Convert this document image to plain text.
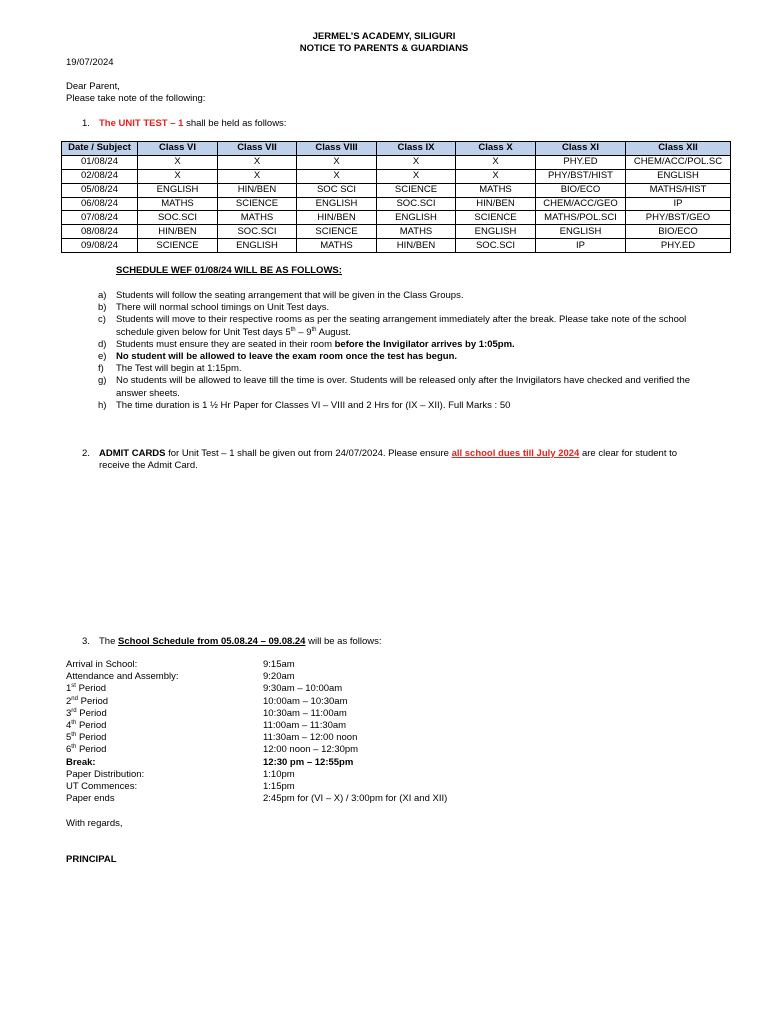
JERMEL’S ACADEMY, SILIGURI
NOTICE TO PARENTS & GUARDIANS
19/07/2024
Dear Parent,
Please take note of the following:
1. The UNIT TEST – 1 shall be held as follows:
Date / Subject	Class VI	Class VII	Class VIII	Class IX	Class X	Class XI	Class XII
01/08/24	X	X	X	X	X	PHY.ED	CHEM/ACC/POL.SC
02/08/24	X	X	X	X	X	PHY/BST/HIST	ENGLISH
05/08/24	ENGLISH	HIN/BEN	SOC SCI	SCIENCE	MATHS	BIO/ECO	MATHS/HIST
06/08/24	MATHS	SCIENCE	ENGLISH	SOC.SCI	HIN/BEN	CHEM/ACC/GEO	IP
07/08/24	SOC.SCI	MATHS	HIN/BEN	ENGLISH	SCIENCE	MATHS/POL.SCI	PHY/BST/GEO
08/08/24	HIN/BEN	SOC.SCI	SCIENCE	MATHS	ENGLISH	ENGLISH	BIO/ECO
09/08/24	SCIENCE	ENGLISH	MATHS	HIN/BEN	SOC.SCI	IP	PHY.ED
SCHEDULE WEF 01/08/24 WILL BE AS FOLLOWS:
a) Students will follow the seating arrangement that will be given in the Class Groups.
b) There will normal school timings on Unit Test days.
c) Students will move to their respective rooms as per the seating arrangement immediately after the break. Please take note of the school
schedule given below for Unit Test days 5th – 9th August.
d) Students must ensure they are seated in their room before the Invigilator arrives by 1:05pm.
e) No student will be allowed to leave the exam room once the test has begun.
f) The Test will begin at 1:15pm.
g) No students will be allowed to leave till the time is over. Students will be released only after the Invigilators have checked and verified the
answer sheets.
h) The time duration is 1 ½ Hr Paper for Classes VI – VIII and 2 Hrs for (IX – XII). Full Marks : 50
2. ADMIT CARDS for Unit Test – 1 shall be given out from 24/07/2024. Please ensure all school dues till July 2024 are clear for student to
receive the Admit Card.
3. The School Schedule from 05.08.24 – 09.08.24 will be as follows:
Arrival in School:	9:15am
Attendance and Assembly:	9:20am
1st Period	9:30am – 10:00am
2nd Period	10:00am – 10:30am
3rd Period	10:30am – 11:00am
4th Period	11:00am – 11:30am
5th Period	11:30am – 12:00 noon
6th Period	12:00 noon – 12:30pm
Break:	12:30 pm – 12:55pm
Paper Distribution:	1:10pm
UT Commences:	1:15pm
Paper ends	2:45pm for (VI – X) / 3:00pm for (XI and XII)
With regards,
PRINCIPAL
